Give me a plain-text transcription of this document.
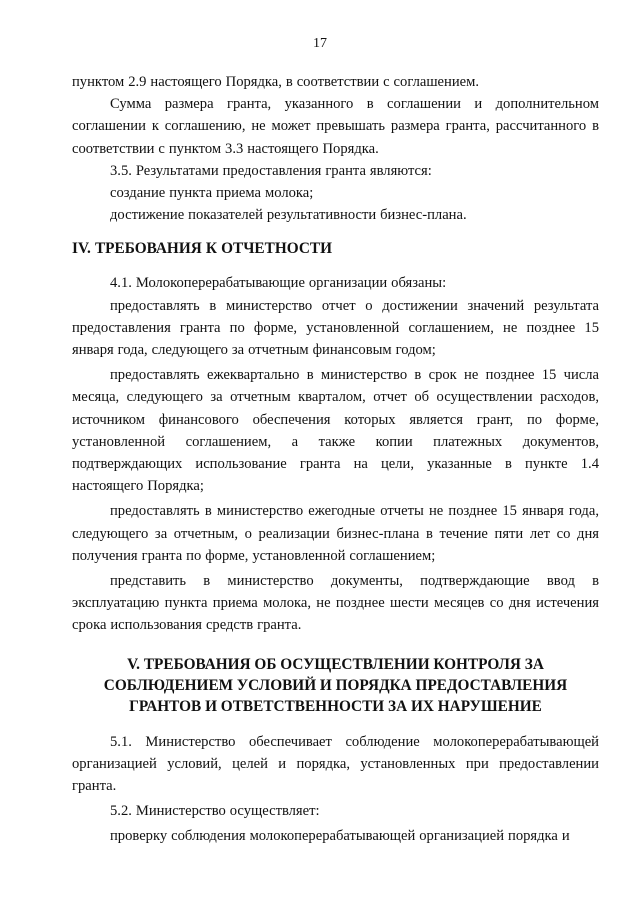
17

пунктом 2.9 настоящего Порядка, в соответствии с соглашением.

Сумма размера гранта, указанного в соглашении и дополнительном соглашении к соглашению, не может превышать размера гранта, рассчитанного в соответствии с пунктом 3.3 настоящего Порядка.

3.5. Результатами предоставления гранта являются:

создание пункта приема молока;

достижение показателей результативности бизнес-плана.

IV. ТРЕБОВАНИЯ К ОТЧЕТНОСТИ

4.1. Молокоперерабатывающие организации обязаны:

предоставлять в министерство отчет о достижении значений результата предоставления гранта по форме, установленной соглашением, не позднее 15 января года, следующего за отчетным финансовым годом;

предоставлять ежеквартально в министерство в срок не позднее 15 числа месяца, следующего за отчетным кварталом, отчет об осуществлении расходов, источником финансового обеспечения которых является грант, по форме, установленной соглашением, а также копии платежных документов, подтверждающих использование гранта на цели, указанные в пункте 1.4 настоящего Порядка;

предоставлять в министерство ежегодные отчеты не позднее 15 января года, следующего за отчетным, о реализации бизнес-плана в течение пяти лет со дня получения гранта по форме, установленной соглашением;

представить в министерство документы, подтверждающие ввод в эксплуатацию пункта приема молока, не позднее шести месяцев со дня истечения срока использования средств гранта.

V. ТРЕБОВАНИЯ ОБ ОСУЩЕСТВЛЕНИИ КОНТРОЛЯ ЗА
СОБЛЮДЕНИЕМ УСЛОВИЙ И ПОРЯДКА ПРЕДОСТАВЛЕНИЯ
ГРАНТОВ И ОТВЕТСТВЕННОСТИ ЗА ИХ НАРУШЕНИЕ

5.1. Министерство обеспечивает соблюдение молокоперерабатывающей организацией условий, целей и порядка, установленных при предоставлении гранта.

5.2. Министерство осуществляет:

проверку соблюдения молокоперерабатывающей организацией порядка и
